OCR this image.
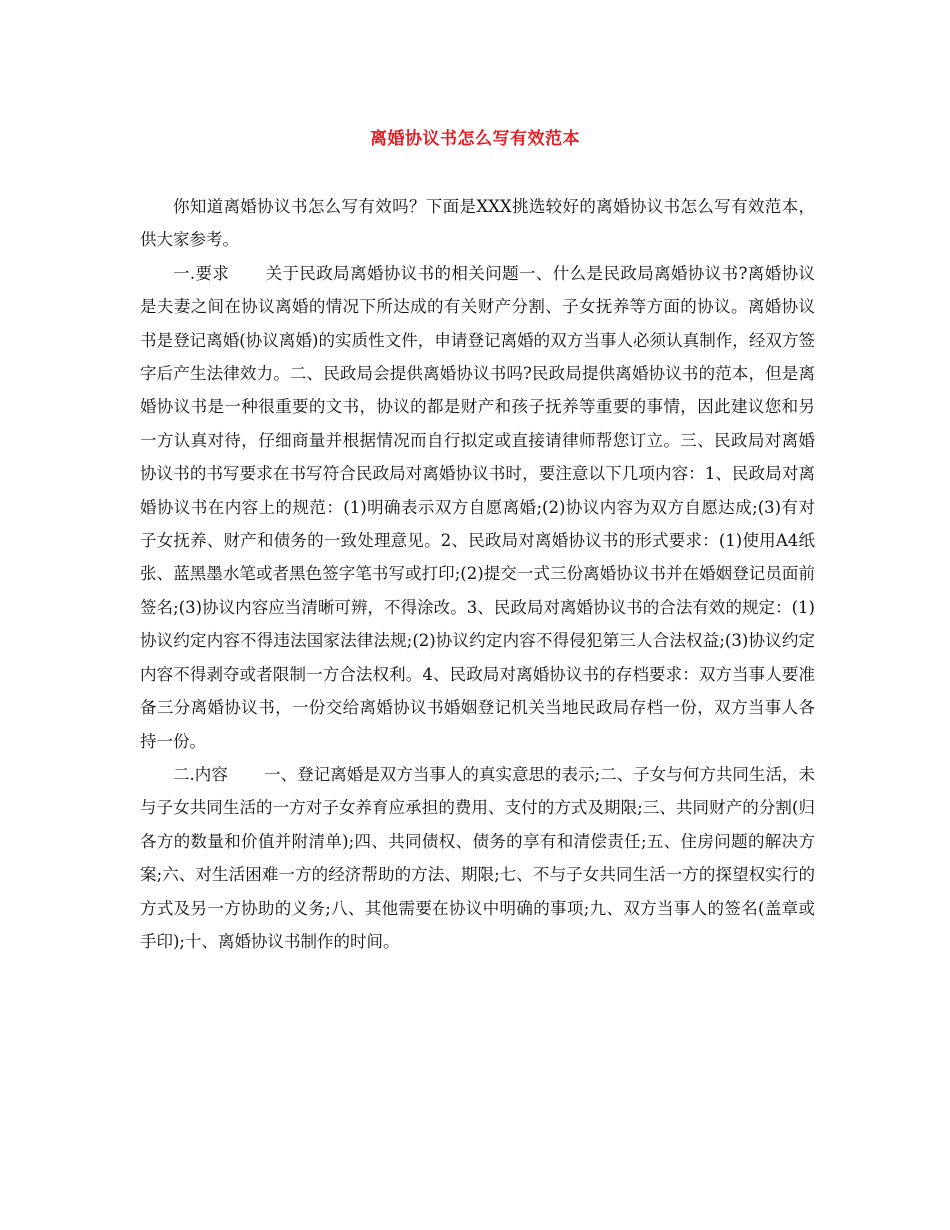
离婚协议书怎么写有效范本

你知道离婚协议书怎么写有效吗？下面是XXX挑选较好的离婚协议书怎么写有效范本，供大家参考。

一.要求 关于民政局离婚协议书的相关问题一、什么是民政局离婚协议书?离婚协议是夫妻之间在协议离婚的情况下所达成的有关财产分割、子女抚养等方面的协议。离婚协议书是登记离婚(协议离婚)的实质性文件，申请登记离婚的双方当事人必须认真制作，经双方签字后产生法律效力。二、民政局会提供离婚协议书吗?民政局提供离婚协议书的范本，但是离婚协议书是一种很重要的文书，协议的都是财产和孩子抚养等重要的事情，因此建议您和另一方认真对待，仔细商量并根据情况而自行拟定或直接请律师帮您订立。三、民政局对离婚协议书的书写要求在书写符合民政局对离婚协议书时，要注意以下几项内容：1、民政局对离婚协议书在内容上的规范：(1)明确表示双方自愿离婚;(2)协议内容为双方自愿达成;(3)有对子女抚养、财产和债务的一致处理意见。2、民政局对离婚协议书的形式要求：(1)使用A4纸张、蓝黑墨水笔或者黑色签字笔书写或打印;(2)提交一式三份离婚协议书并在婚姻登记员面前签名;(3)协议内容应当清晰可辨，不得涂改。3、民政局对离婚协议书的合法有效的规定：(1)协议约定内容不得违法国家法律法规;(2)协议约定内容不得侵犯第三人合法权益;(3)协议约定内容不得剥夺或者限制一方合法权利。4、民政局对离婚协议书的存档要求：双方当事人要准备三分离婚协议书，一份交给离婚协议书婚姻登记机关当地民政局存档一份，双方当事人各持一份。

二.内容 一、登记离婚是双方当事人的真实意思的表示;二、子女与何方共同生活，未与子女共同生活的一方对子女养育应承担的费用、支付的方式及期限;三、共同财产的分割(归各方的数量和价值并附清单);四、共同债权、债务的享有和清偿责任;五、住房问题的解决方案;六、对生活困难一方的经济帮助的方法、期限;七、不与子女共同生活一方的探望权实行的方式及另一方协助的义务;八、其他需要在协议中明确的事项;九、双方当事人的签名(盖章或手印);十、离婚协议书制作的时间。
